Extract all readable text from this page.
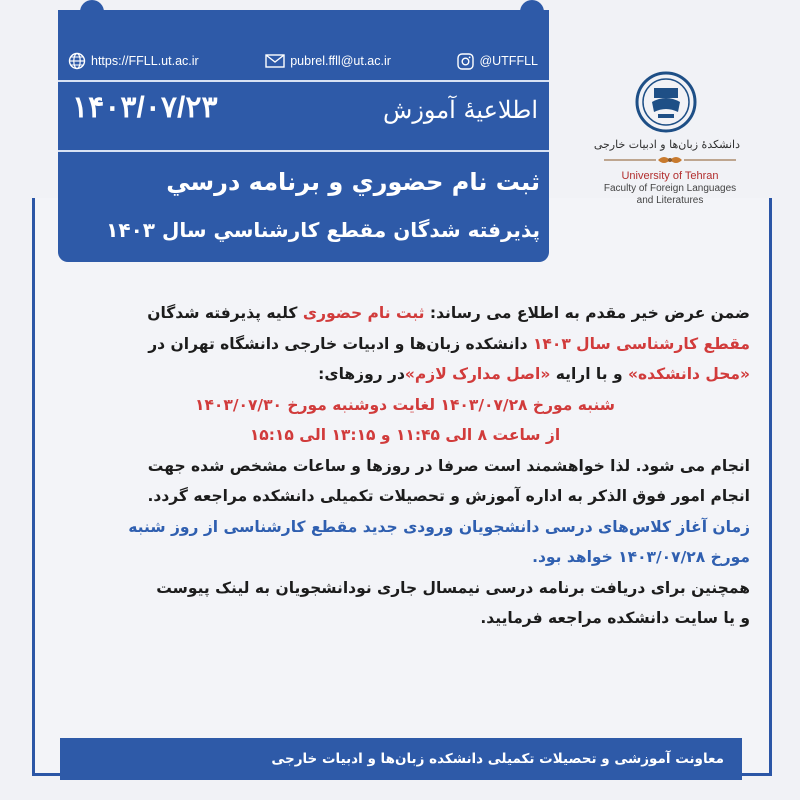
https://FFLL.ut.ac.ir	pubrel.ffll@ut.ac.ir	@UTFFLL
۱۴۰۳/۰۷/۲۳	اطلاعیهٔ آموزش
ثبت نام حضوري و برنامه درسي
پذيرفته شدگان مقطع کارشناسي سال ۱۴۰۳
دانشکدهٔ زبان‌ها و ادبیات خارجی
University of Tehran
Faculty of Foreign Languages
and Literatures
ضمن عرض خیر مقدم به اطلاع می رساند: ثبت نام حضوری کلیه پذیرفته شدگان
مقطع کارشناسی سال ۱۴۰۳ دانشکده زبان‌ها و ادبیات خارجی دانشگاه تهران در
«محل دانشکده» و با ارایه «اصل مدارک لازم»در روزهای:
شنبه مورخ ۱۴۰۳/۰۷/۲۸ لغایت دوشنبه مورخ ۱۴۰۳/۰۷/۳۰
از ساعت ۸ الی ۱۱:۴۵ و ۱۳:۱۵ الی ۱۵:۱۵
انجام می شود. لذا خواهشمند است صرفا در روزها و ساعات مشخص شده جهت
انجام امور فوق الذکر به اداره آموزش و تحصیلات تکمیلی دانشکده مراجعه گردد.
زمان آغاز کلاس‌های درسی دانشجویان ورودی جدید مقطع کارشناسی از روز شنبه
مورخ ۱۴۰۳/۰۷/۲۸ خواهد بود.
همچنین برای دریافت برنامه درسی نیمسال جاری نودانشجویان به لینک پیوست
و یا سایت دانشکده مراجعه فرمایید.
معاونت آموزشی و تحصیلات تکمیلی دانشکده زبان‌ها و ادبیات خارجی
